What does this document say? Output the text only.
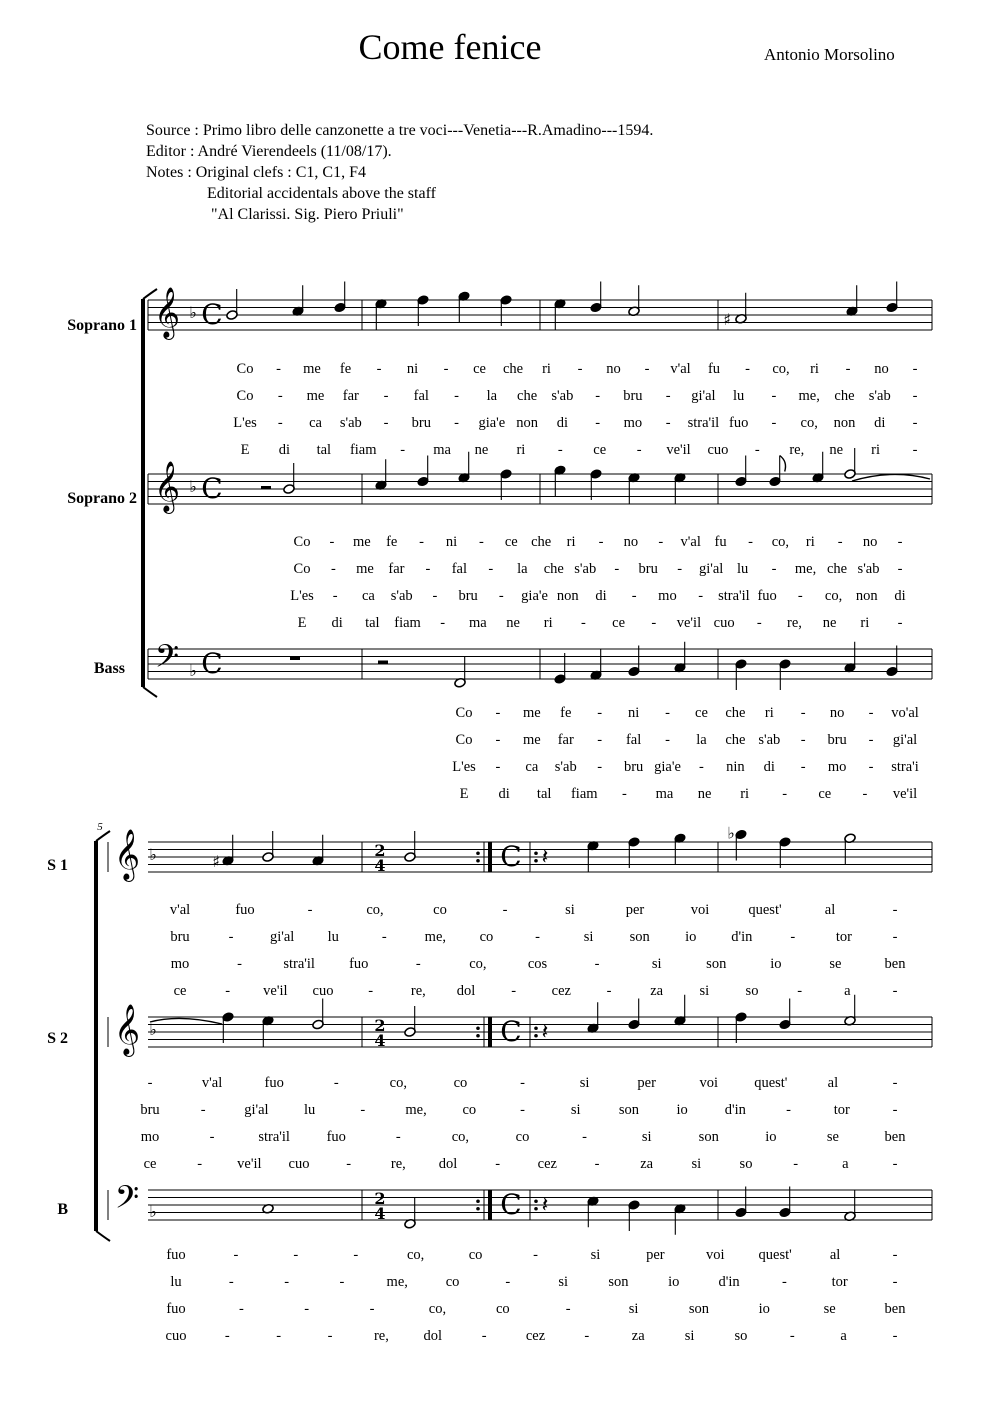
Come fenice	Antonio Morsolino
Source : Primo libro delle canzonette a tre voci---Venetia---R.Amadino---1594.
Editor : André Vierendeels (11/08/17).
Notes : Original clefs : C1, C1, F4
Editorial accidentals above the staff
"Al Clarissi. Sig. Piero Priuli"
𝄞 ♭ C	♯
𝄞 ♭ C
𝄢 ♭ C
Soprano 1
Soprano 2
Bass
Co - me fe - ni - ce che ri - no - v'al fu - co, ri - no -
Co - me far - fal - la che s'ab - bru - gi'al lu - me, che s'ab -
L'es - ca s'ab - bru - gia'e non di - mo - stra'il fuo - co, non di -
E di tal fiam - ma ne ri - ce - ve'il cuo - re, ne ri -
Co - me fe - ni - ce che ri - no - v'al fu - co, ri - no -
Co - me far - fal - la che s'ab - bru - gi'al lu - me, che s'ab -
L'es - ca s'ab - bru - gia'e non di - mo - stra'il fuo - co, non di
E di tal fiam - ma ne ri - ce - ve'il cuo - re, ne ri -
Co - me fe - ni - ce che ri - no - vo'al
Co - me far - fal - la che s'ab - bru - gi'al
L'es - ca s'ab - bru gia'e - nin di - mo - stra'i
E di tal fiam - ma ne ri - ce - ve'il
𝄞 ♭	2
4	C
♯
♭
𝄽
𝄞 ♭	2
4	C 𝄽
𝄢 ♭
2
4	C 𝄽
S 1
S 2
B
5
v'al	fuo	-	co,	co	-	si	per	voi	quest'	al	-
bru	-	gi'al lu	-	me, co	-	si son io d'in	-	tor	-
mo	-	stra'il fuo	-	co,	cos	-	si	son	io	se	ben
ce	- ve'il cuo -	re, dol - cez -	za	si	so	-	a	-
-	v'al	fuo	-	co,	co	-	si	per	voi quest'	al	-
bru	-	gi'al lu	-	me, co	-	si	son	io	d'in	-	tor	-
mo	-	stra'il	fuo	-	co,	co	-	si	son	io	se	ben
ce	- ve'il cuo	-	re, dol	-	cez	-	za	si	so	-	a	-
fuo	-	-	-	co,	co	-	si	per	voi quest'	al	-
lu	-	-	-	me,	co	-	si	son	io	d'in	-	tor	-
fuo	-	-	-	co,	co	-	si	son	io	se	ben
cuo	-	-	-	re, dol	-	cez	-	za	si	so	-	a	-
